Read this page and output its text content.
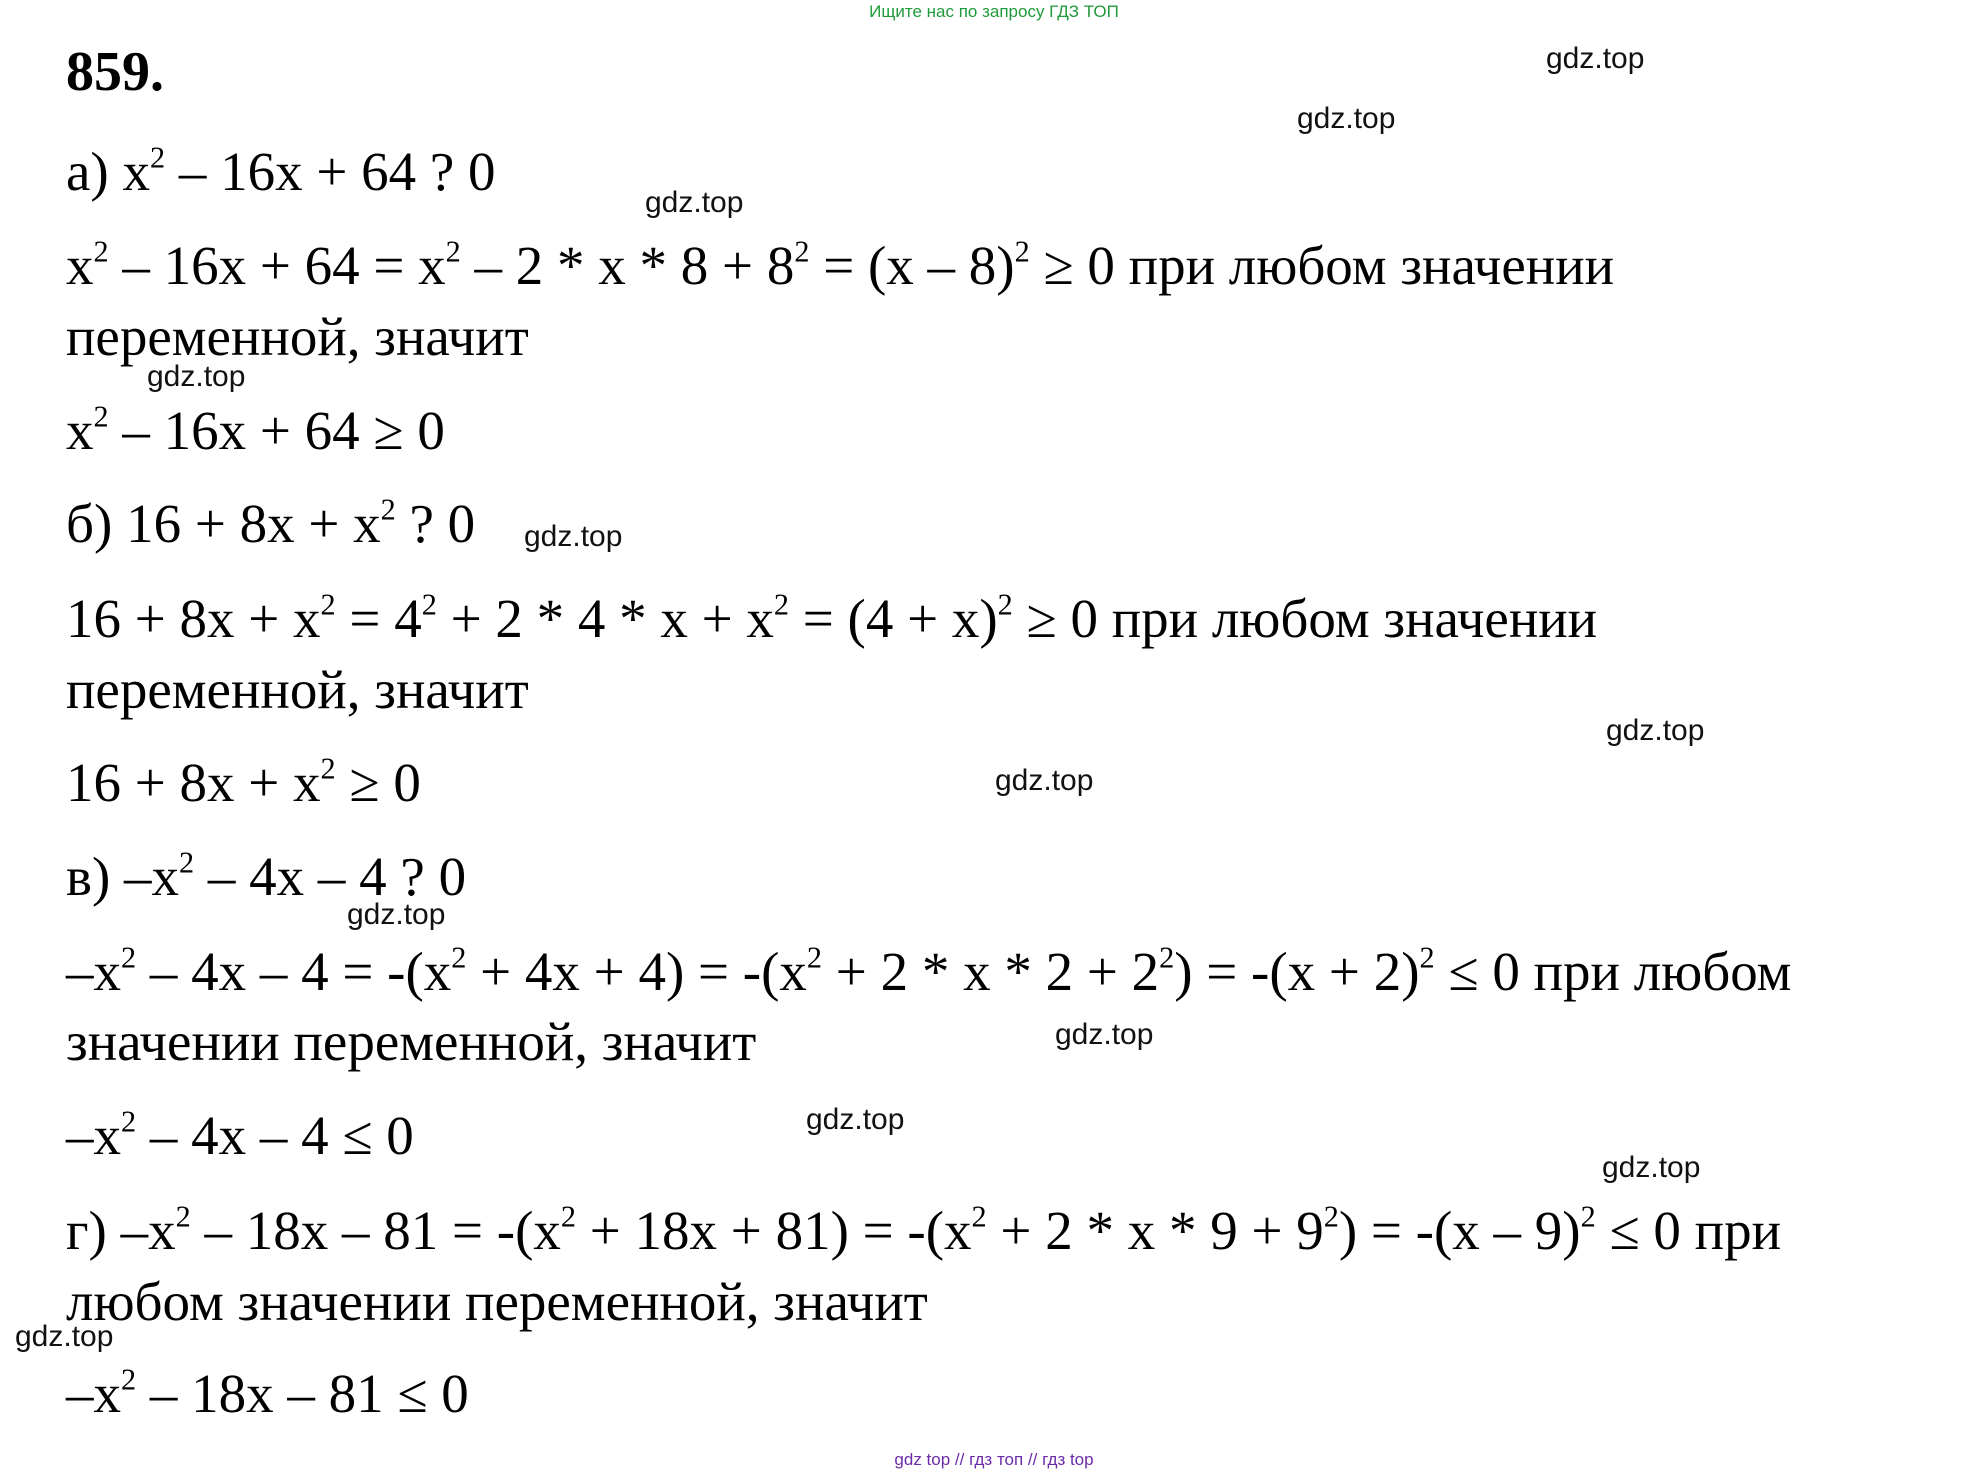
Ищите нас по запросу ГДЗ ТОП
859.
а) $x^2 - 16x + 64$ ? 0
$x^2 - 16x + 64 = x^2 - 2 * x * 8 + 8^2 = (x - 8)^2 \ge 0$ при любом значении
переменной, значит
$x^2 - 16x + 64 \ge 0$
б) $16 + 8x + x^2$ ? 0
$16 + 8x + x^2 = 4^2 + 2 * 4 * x + x^2 = (4 + x)^2 \ge 0$ при любом значении
переменной, значит
$16 + 8x + x^2 \ge 0$
в) $-x^2 - 4x - 4$ ? 0
$-x^2 - 4x - 4 = -(x^2 + 4x + 4) = -(x^2 + 2 * x * 2 + 2^2) = -(x + 2)^2 \le 0$ при любом
значении переменной, значит
$-x^2 - 4x - 4 \le 0$
г) $-x^2 - 18x - 81 = -(x^2 + 18x + 81) = -(x^2 + 2 * x * 9 + 9^2) = -(x - 9)^2 \le 0$ при
любом значении переменной, значит
$-x^2 - 18x - 81 \le 0$
gdz.top
gdz.top
gdz.top
gdz.top
gdz.top
gdz.top
gdz.top
gdz.top
gdz.top
gdz.top
gdz.top
gdz.top
gdz top // гдз топ // гдз top
